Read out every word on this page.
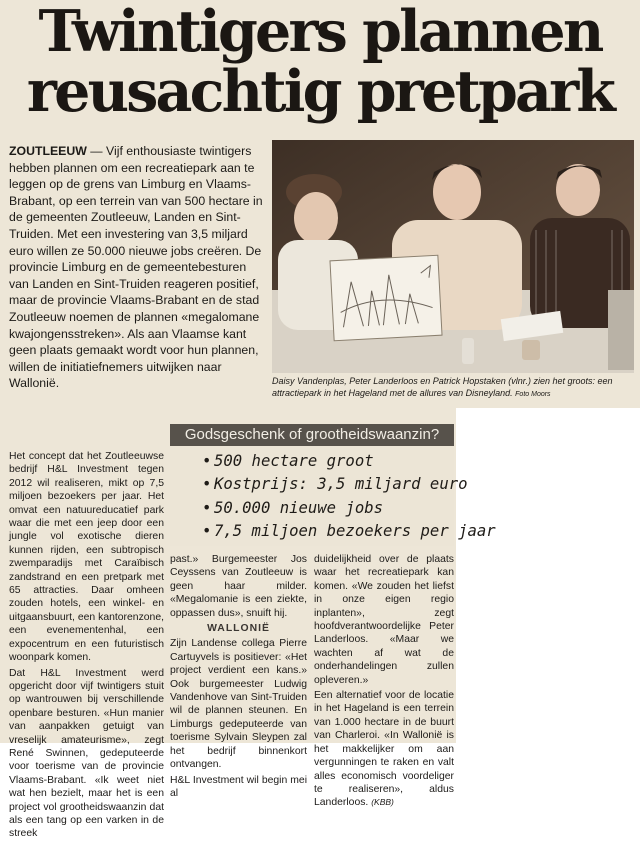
Twintigers plannen reusachtig pretpark

ZOUTLEEUW — Vijf enthousiaste twintigers hebben plannen om een recreatiepark aan te leggen op de grens van Limburg en Vlaams-Brabant, op een terrein van van 500 hectare in de gemeenten Zoutleeuw, Landen en Sint-Truiden. Met een investering van 3,5 miljard euro willen ze 50.000 nieuwe jobs creëren. De provincie Limburg en de gemeentebesturen van Landen en Sint-Truiden reageren positief, maar de provincie Vlaams-Brabant en de stad Zoutleeuw noemen de plannen «megalomane kwajongensstreken». Als aan Vlaamse kant geen plaats gemaakt wordt voor hun plannen, willen de initiatiefnemers uitwijken naar Wallonië.	Daisy Vandenplas, Peter Landerloos en Patrick Hopstaken (vlnr.) zien het groots: een attractiepark in het Hageland met de allures van Disneyland. Foto Moors
Godsgeschenk of grootheidswaanzin?
• 500 hectare groot
• Kostprijs: 3,5 miljard euro
• 50.000 nieuwe jobs
• 7,5 miljoen bezoekers per jaar

Het concept dat het Zoutleeuwse bedrijf H&L Investment tegen 2012 wil realiseren, mikt op 7,5 miljoen bezoekers per jaar. Het omvat een natuureducatief park waar die met een jeep door een jungle vol exotische dieren kunnen rijden, een subtropisch zwemparadijs met Caraïbisch zandstrand en een pretpark met 65 attracties. Daar omheen zouden hotels, een winkel- en uitgaansbuurt, een kantorenzone, een evenementenhal, een expocentrum en een futuristisch woonpark komen.

Dat H&L Investment werd opgericht door vijf twintigers stuit op wantrouwen bij verschillende openbare besturen. «Hun manier van aanpakken getuigt van vreselijk amateurisme», zegt René Swinnen, gedeputeerde voor toerisme van de provincie Vlaams-Brabant. «Ik weet niet wat hen bezielt, maar het is een project vol grootheidswaanzin dat als een tang op een varken in de streek

past.» Burgemeester Jos Ceyssens van Zoutleeuw is geen haar milder. «Megalomanie is een ziekte, oppassen dus», snuift hij.

WALLONIË

Zijn Landense collega Pierre Cartuyvels is positiever: «Het project verdient een kans.» Ook burgemeester Ludwig Vandenhove van Sint-Truiden wil de plannen steunen. En Limburgs gedeputeerde van toerisme Sylvain Sleypen zal het bedrijf binnenkort ontvangen.

H&L Investment wil begin mei al

duidelijkheid over de plaats waar het recreatiepark kan komen. «We zouden het liefst in onze eigen regio inplanten», zegt hoofdverantwoordelijke Peter Landerloos. «Maar we wachten af wat de onderhandelingen zullen opleveren.»

Een alternatief voor de locatie in het Hageland is een terrein van 1.000 hectare in de buurt van Charleroi. «In Wallonië is het makkelijker om aan vergunningen te raken en valt alles economisch voordeliger te realiseren», aldus Landerloos. (KBB)
